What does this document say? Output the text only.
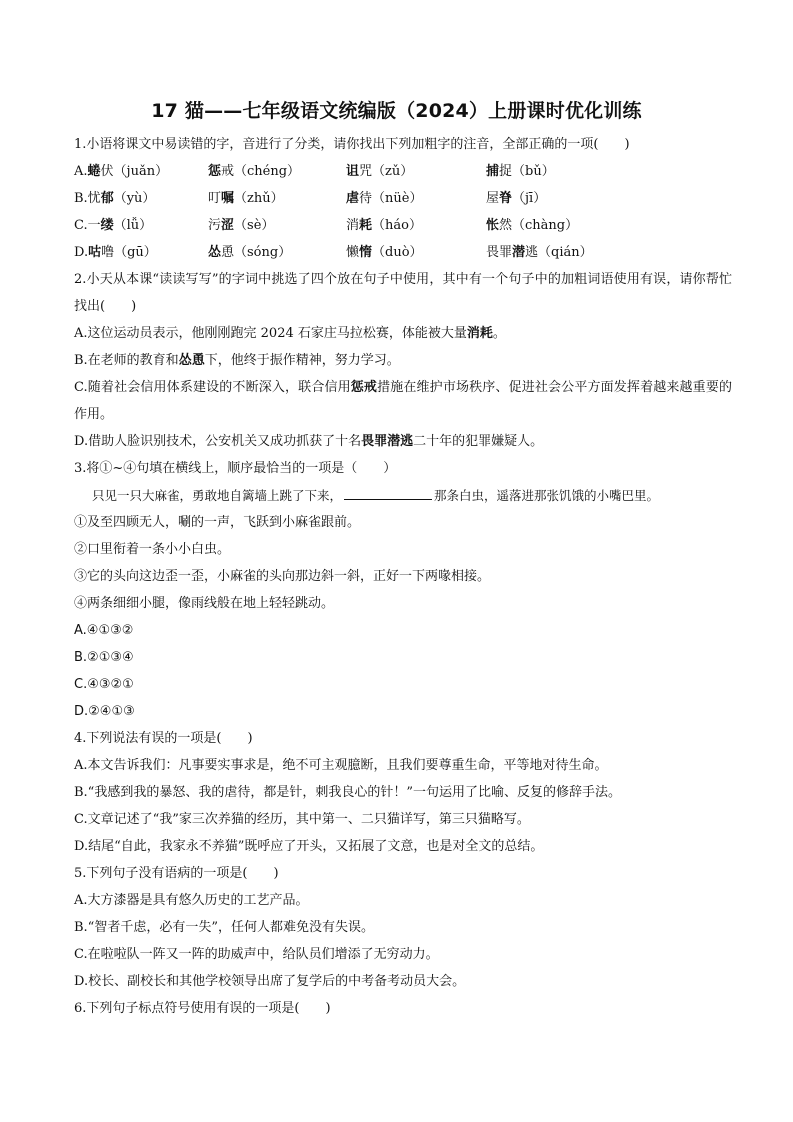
17 猫——七年级语文统编版（2024）上册课时优化训练
1.小语将课文中易读错的字，音进行了分类，请你找出下列加粗字的注音，全部正确的一项(　　)
A.蜷伏（juǎn）	惩戒（chéng）	诅咒（zǔ）	捕捉（bǔ）
B.忧郁（yù）	叮嘱（zhǔ）	虐待（nüè）	屋脊（jī）
C.一缕（lǚ）	污涩（sè）	消耗（háo）	怅然（chàng）
D.咕噜（gū）	怂恿（sóng）	懒惰（duò）	畏罪潜逃（qián）
2.小天从本课“读读写写”的字词中挑选了四个放在句子中使用，其中有一个句子中的加粗词语使用有误，请你帮忙找出(　　)
A.这位运动员表示，他刚刚跑完 2024 石家庄马拉松赛，体能被大量消耗。
B.在老师的教育和怂恿下，他终于振作精神，努力学习。
C.随着社会信用体系建设的不断深入，联合信用惩戒措施在维护市场秩序、促进社会公平方面发挥着越来越重要的作用。
D.借助人脸识别技术，公安机关又成功抓获了十名畏罪潜逃二十年的犯罪嫌疑人。
3.将①~④句填在横线上，顺序最恰当的一项是（　　）
只见一只大麻雀，勇敢地自篱墙上跳了下来，	那条白虫，遥落进那张饥饿的小嘴巴里。
①及至四顾无人，唰的一声，飞跃到小麻雀跟前。
②口里衔着一条小小白虫。
③它的头向这边歪一歪，小麻雀的头向那边斜一斜，正好一下两喙相接。
④两条细细小腿，像雨线般在地上轻轻跳动。
A.④①③②
B.②①③④
C.④③②①
D.②④①③
4.下列说法有误的一项是(　　)
A.本文告诉我们：凡事要实事求是，绝不可主观臆断，且我们要尊重生命，平等地对待生命。
B.“我感到我的暴怒、我的虐待，都是针，刺我良心的针！”一句运用了比喻、反复的修辞手法。
C.文章记述了“我”家三次养猫的经历，其中第一、二只猫详写，第三只猫略写。
D.结尾“自此，我家永不养猫”既呼应了开头，又拓展了文意，也是对全文的总结。
5.下列句子没有语病的一项是(　　)
A.大方漆器是具有悠久历史的工艺产品。
B.“智者千虑，必有一失”，任何人都难免没有失误。
C.在啦啦队一阵又一阵的助威声中，给队员们增添了无穷动力。
D.校长、副校长和其他学校领导出席了复学后的中考备考动员大会。
6.下列句子标点符号使用有误的一项是(　　)
